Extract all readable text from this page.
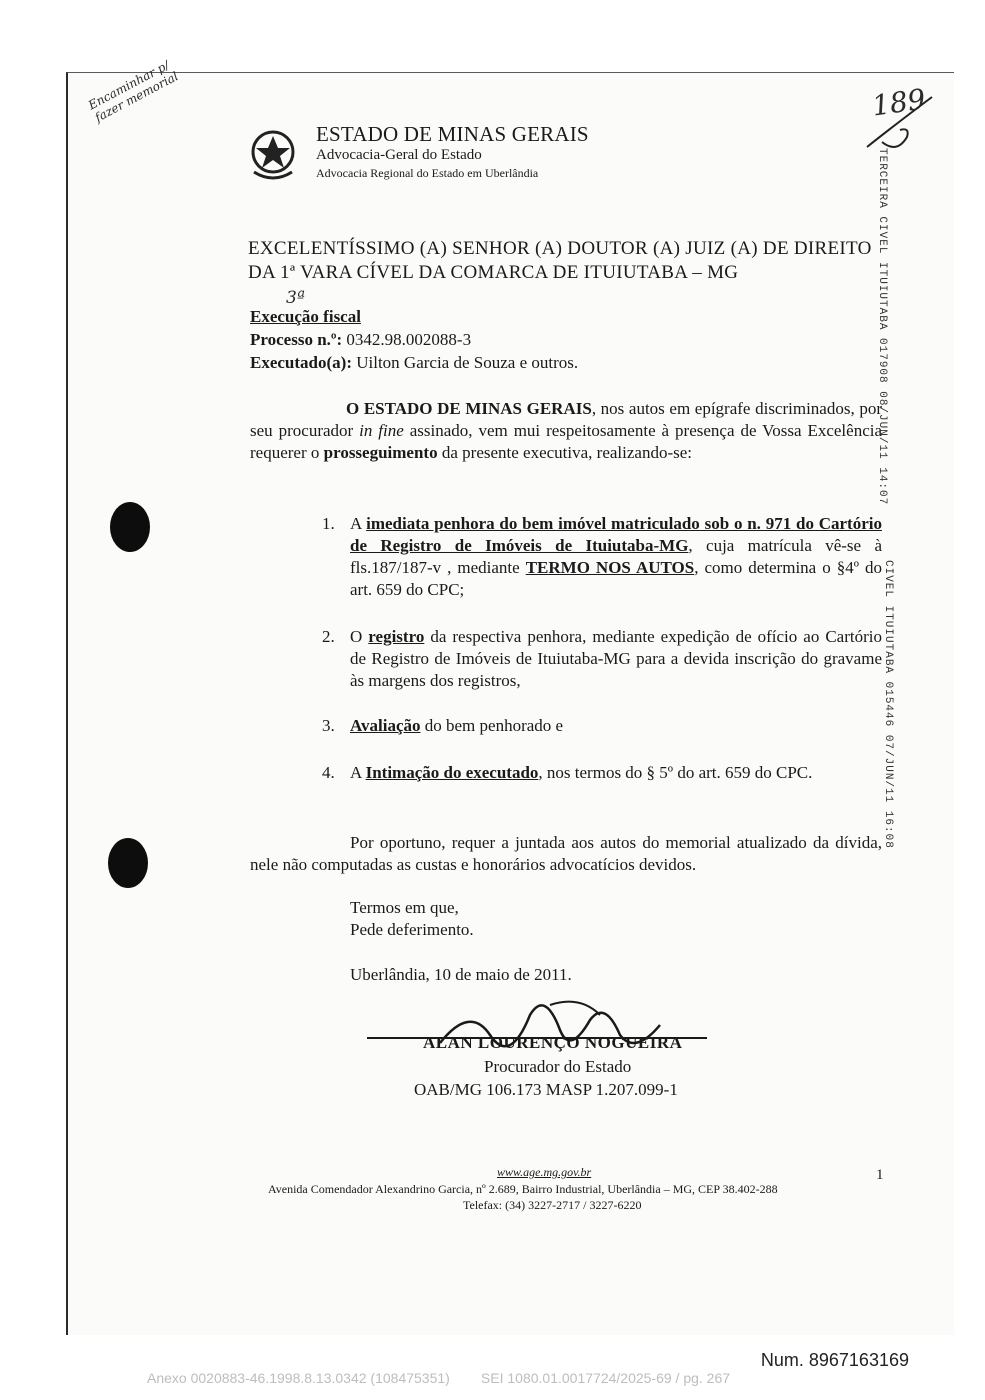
Encaminhar p/ fazer memorial	189
3ª
ESTADO DE MINAS GERAIS
Advocacia-Geral do Estado
Advocacia Regional do Estado em Uberlândia
EXCELENTÍSSIMO (A) SENHOR (A) DOUTOR (A) JUIZ (A) DE DIREITO
DA 1ª VARA CÍVEL DA COMARCA DE ITUIUTABA – MG
Execução fiscal
Processo n.º: 0342.98.002088-3
Executado(a): Uilton Garcia de Souza e outros.
O ESTADO DE MINAS GERAIS, nos autos em epígrafe discriminados, por seu procurador in fine assinado, vem mui respeitosamente à presença de Vossa Excelência requerer o prosseguimento da presente executiva, realizando-se:
1. A imediata penhora do bem imóvel matriculado sob o n. 971 do Cartório de Registro de Imóveis de Ituiutaba-MG, cuja matrícula vê-se à fls.187/187-v , mediante TERMO NOS AUTOS, como determina o §4º do art. 659 do CPC;
2. O registro da respectiva penhora, mediante expedição de ofício ao Cartório de Registro de Imóveis de Ituiutaba-MG para a devida inscrição do gravame às margens dos registros,
3. Avaliação do bem penhorado e
4. A Intimação do executado, nos termos do § 5º do art. 659 do CPC.
Por oportuno, requer a juntada aos autos do memorial atualizado da dívida, nele não computadas as custas e honorários advocatícios devidos.
Termos em que,
Pede deferimento.
Uberlândia, 10 de maio de 2011.
ALAN LOURENÇO NOGUEIRA
Procurador do Estado
OAB/MG 106.173 MASP 1.207.099-1
www.age.mg.gov.br
Avenida Comendador Alexandrino Garcia, nº 2.689, Bairro Industrial, Uberlândia – MG, CEP 38.402-288
Telefax: (34) 3227-2717 / 3227-6220
1
TERCEIRA CÍVEL ITUIUTABA 017908 08/JUN/11 14:07
CÍVEL ITUIUTABA 015446 07/JUN/11 16:08
Num. 8967163169
Anexo 0020883-46.1998.8.13.0342 (108475351)        SEI 1080.01.0017724/2025-69 / pg. 267
